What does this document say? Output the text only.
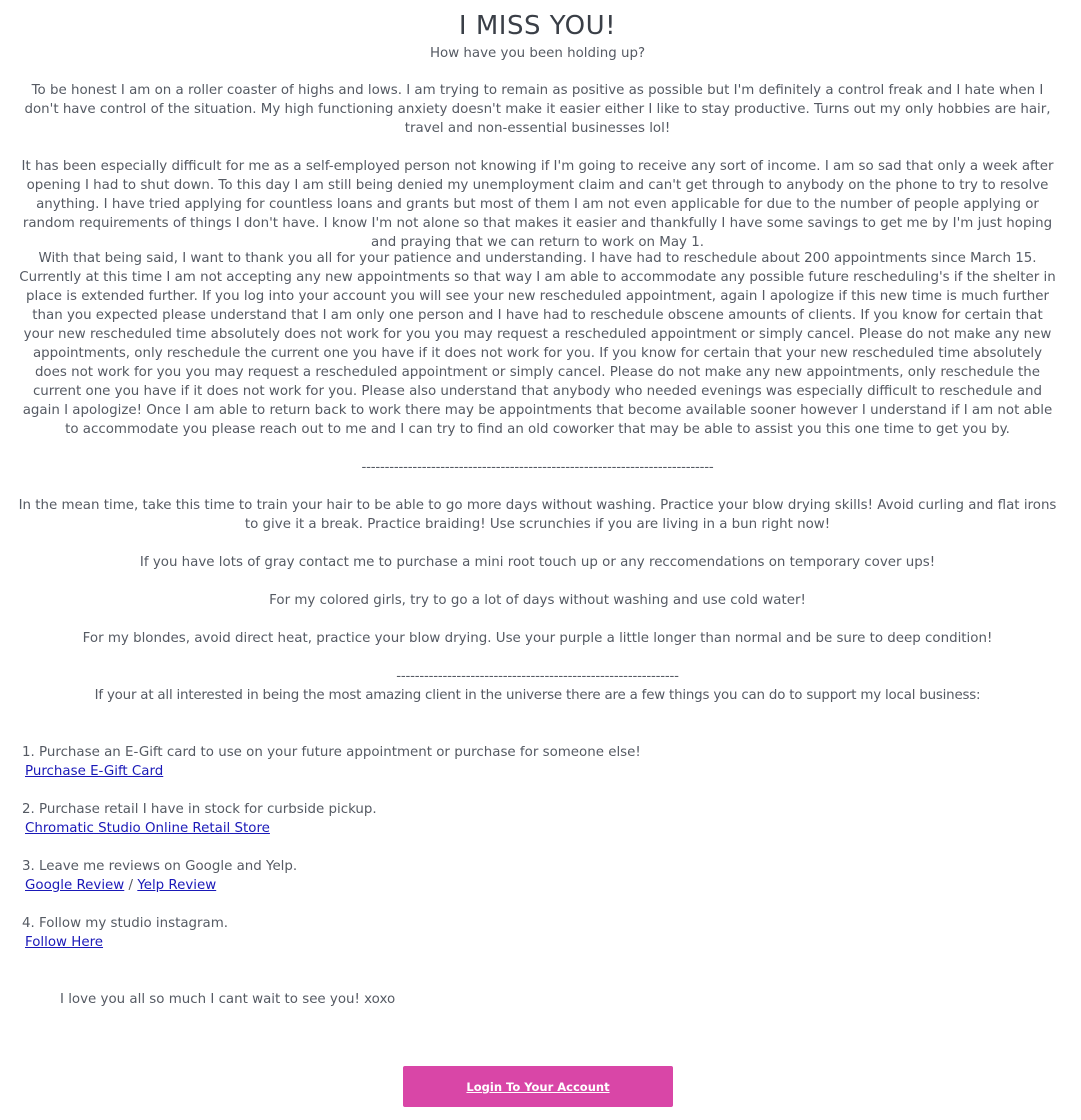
I MISS YOU!
How have you been holding up?

To be honest I am on a roller coaster of highs and lows. I am trying to remain as positive as possible but I'm definitely a control freak and I hate when I don't have control of the situation. My high functioning anxiety doesn't make it easier either I like to stay productive. Turns out my only hobbies are hair, travel and non-essential businesses lol!

It has been especially difficult for me as a self-employed person not knowing if I'm going to receive any sort of income. I am so sad that only a week after opening I had to shut down. To this day I am still being denied my unemployment claim and can't get through to anybody on the phone to try to resolve anything. I have tried applying for countless loans and grants but most of them I am not even applicable for due to the number of people applying or random requirements of things I don't have. I know I'm not alone so that makes it easier and thankfully I have some savings to get me by I'm just hoping and praying that we can return to work on May 1.

With that being said, I want to thank you all for your patience and understanding. I have had to reschedule about 200 appointments since March 15. Currently at this time I am not accepting any new appointments so that way I am able to accommodate any possible future rescheduling's if the shelter in place is extended further. If you log into your account you will see your new rescheduled appointment, again I apologize if this new time is much further than you expected please understand that I am only one person and I have had to reschedule obscene amounts of clients. If you know for certain that your new rescheduled time absolutely does not work for you you may request a rescheduled appointment or simply cancel. Please do not make any new appointments, only reschedule the current one you have if it does not work for you. If you know for certain that your new rescheduled time absolutely does not work for you you may request a rescheduled appointment or simply cancel. Please do not make any new appointments, only reschedule the current one you have if it does not work for you. Please also understand that anybody who needed evenings was especially difficult to reschedule and again I apologize! Once I am able to return back to work there may be appointments that become available sooner however I understand if I am not able to accommodate you please reach out to me and I can try to find an old coworker that may be able to assist you this one time to get you by.

----------------------------------------------------------------------------

In the mean time, take this time to train your hair to be able to go more days without washing. Practice your blow drying skills! Avoid curling and flat irons to give it a break. Practice braiding! Use scrunchies if you are living in a bun right now!

If you have lots of gray contact me to purchase a mini root touch up or any reccomendations on temporary cover ups!

For my colored girls, try to go a lot of days without washing and use cold water!

For my blondes, avoid direct heat, practice your blow drying. Use your purple a little longer than normal and be sure to deep condition!

-------------------------------------------------------------
If your at all interested in being the most amazing client in the universe there are a few things you can do to support my local business:
1. Purchase an E-Gift card to use on your future appointment or purchase for someone else!
Purchase E-Gift Card
2. Purchase retail I have in stock for curbside pickup.
Chromatic Studio Online Retail Store
3. Leave me reviews on Google and Yelp.
Google Review / Yelp Review
4. Follow my studio instagram.
Follow Here
I love you all so much I cant wait to see you! xoxo
Login To Your Account
